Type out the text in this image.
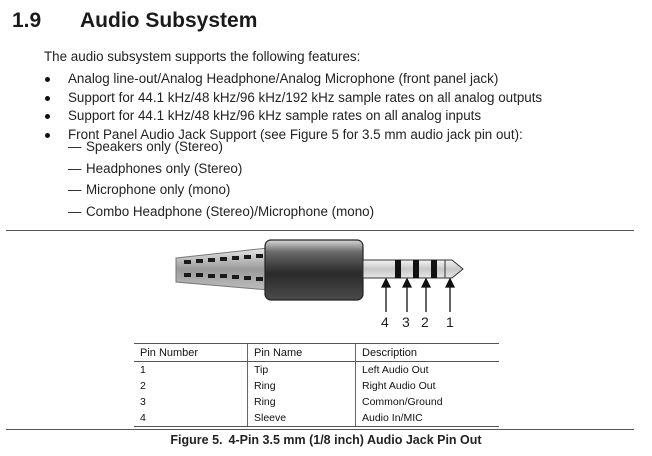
1.9 Audio Subsystem
The audio subsystem supports the following features:
Analog line-out/Analog Headphone/Analog Microphone (front panel jack)
Support for 44.1 kHz/48 kHz/96 kHz/192 kHz sample rates on all analog outputs
Support for 44.1 kHz/48 kHz/96 kHz sample rates on all analog inputs
Front Panel Audio Jack Support (see Figure 5 for 3.5 mm audio jack pin out):
— Speakers only (Stereo)
— Headphones only (Stereo)
— Microphone only (mono)
— Combo Headphone (Stereo)/Microphone (mono)
4 3 2 1
Pin Number	Pin Name	Description
1	Tip	Left Audio Out
2	Ring	Right Audio Out
3	Ring	Common/Ground
4	Sleeve	Audio In/MIC
Figure 5. 4-Pin 3.5 mm (1/8 inch) Audio Jack Pin Out
